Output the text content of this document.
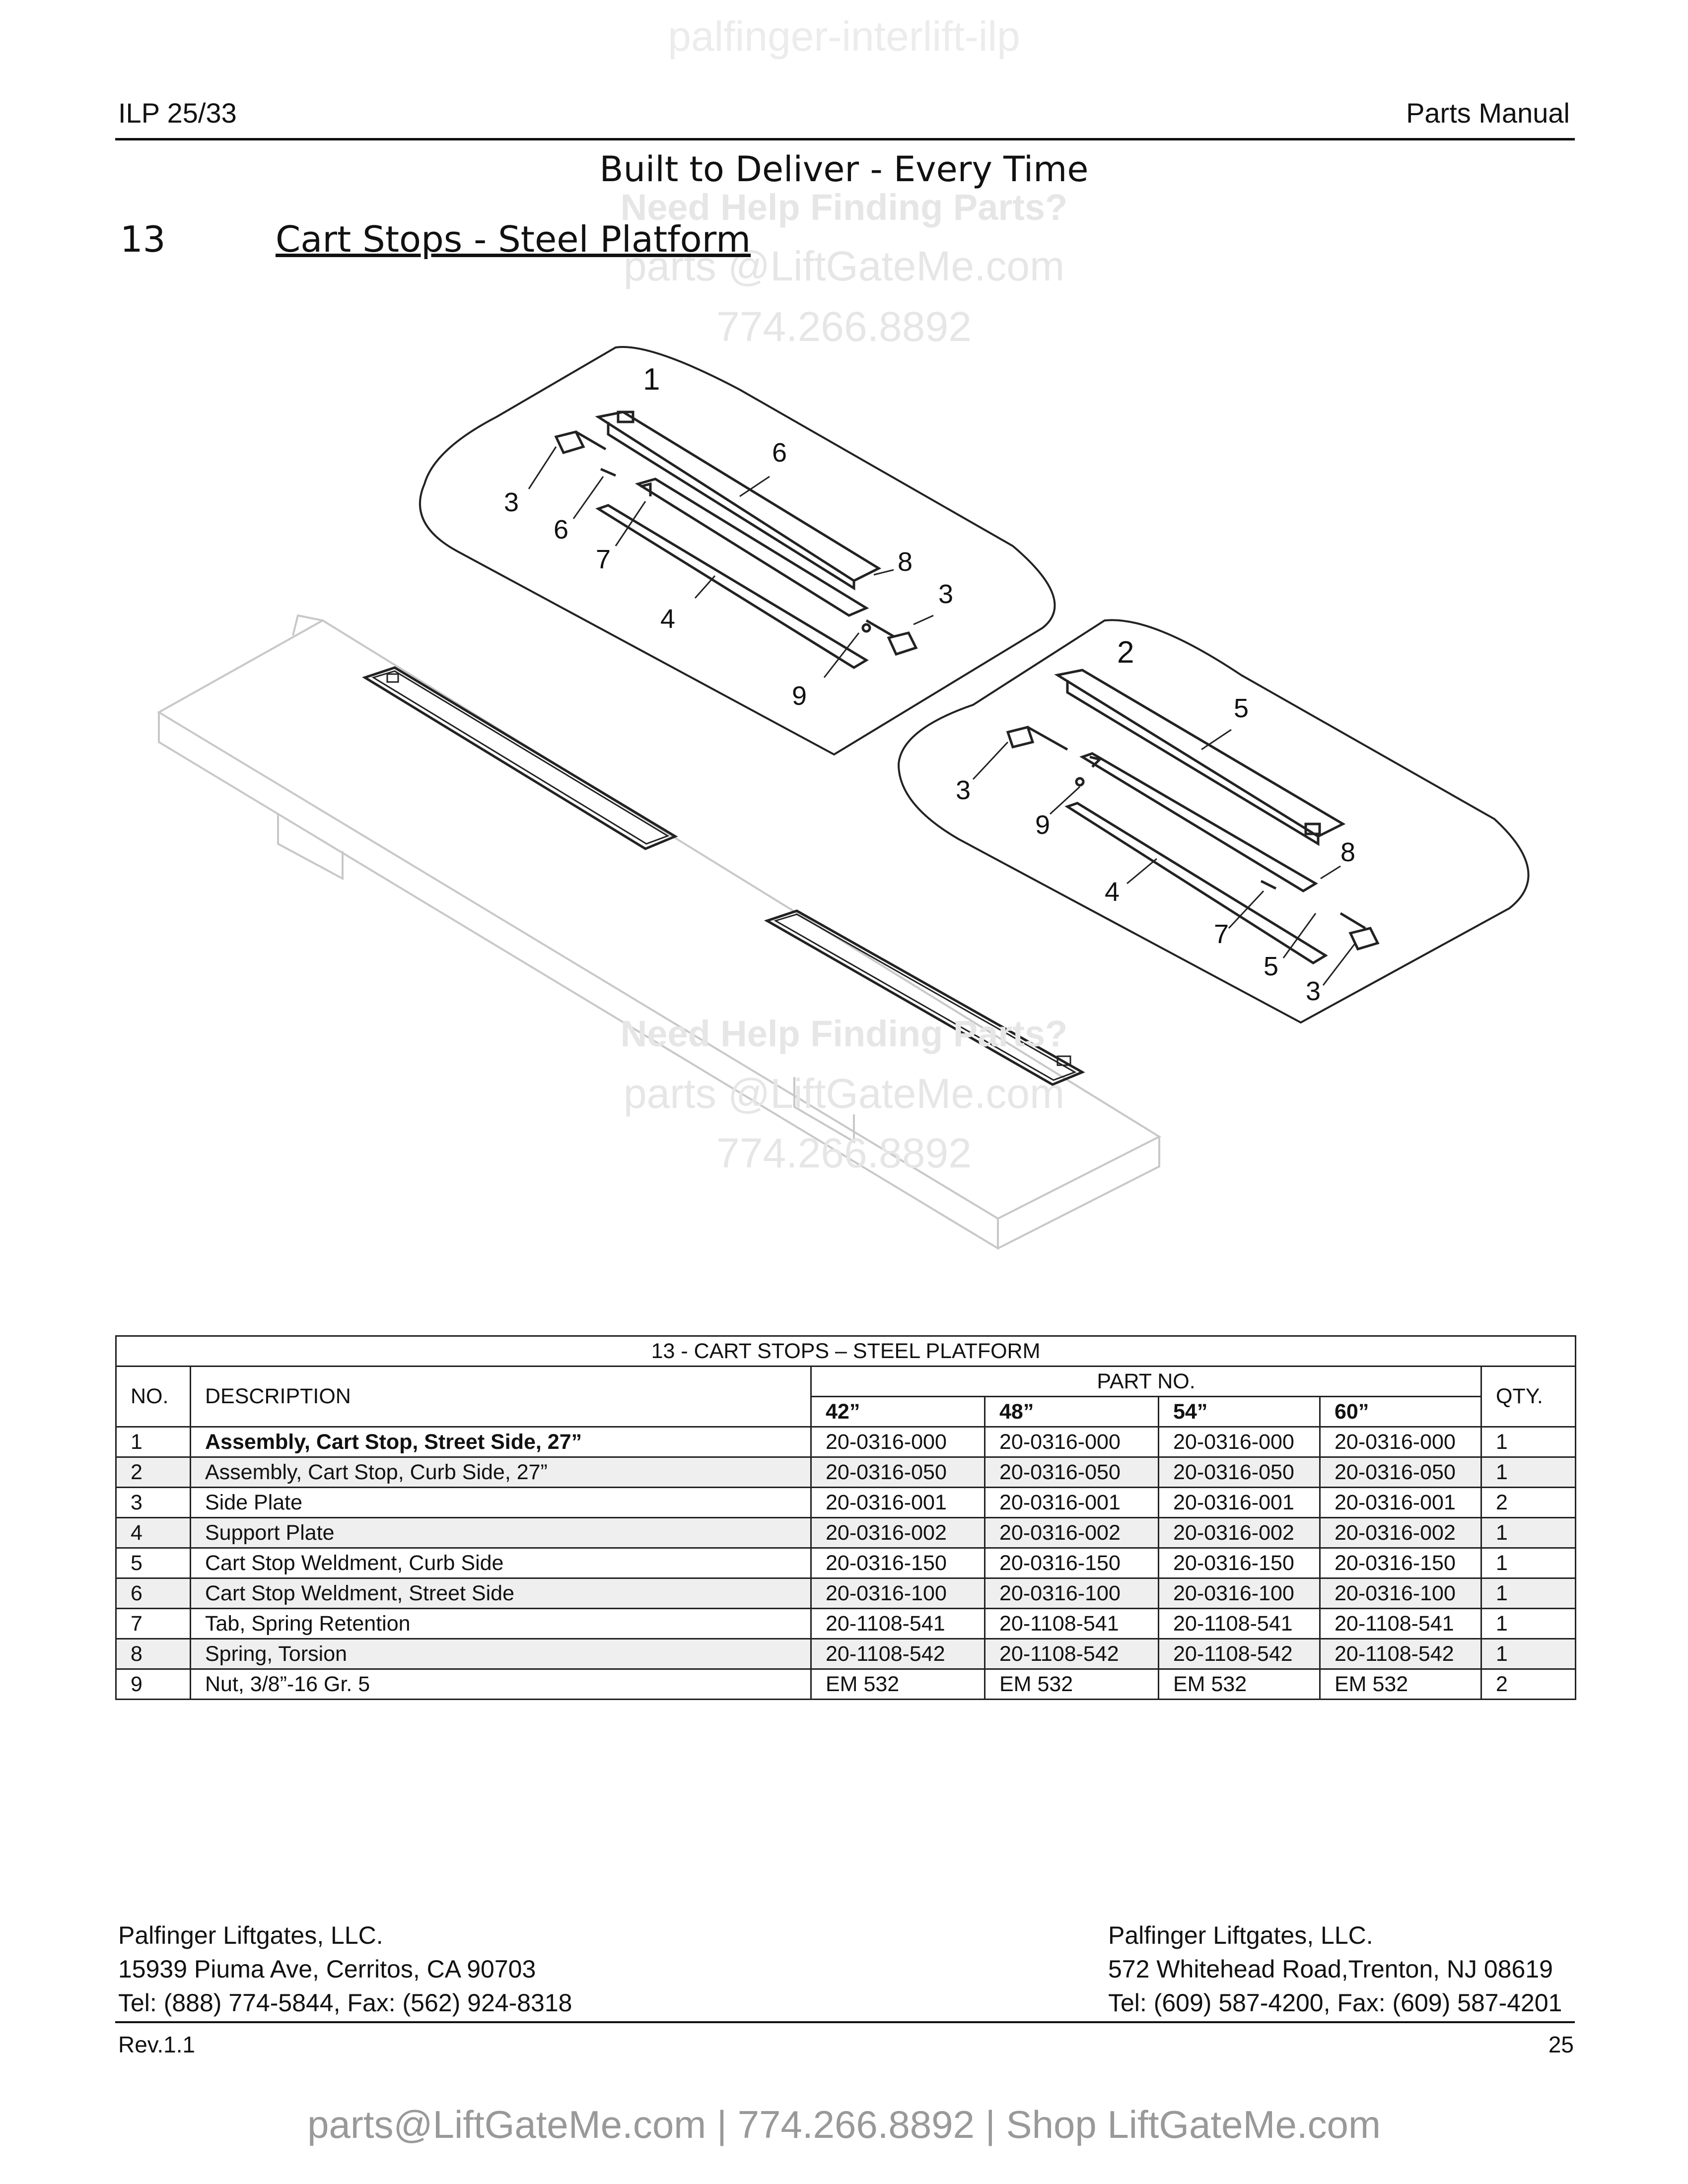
palfinger-interlift-ilp
ILP 25/33	Parts Manual
Built to Deliver - Every Time
Need Help Finding Parts?
parts @LiftGateMe.com
774.266.8892
13	Cart Stops - Steel Platform
1
6
3
6
7	8
3
4
9
2
5
3
9
8
4
7
5
3
Need Help Finding Parts?
parts @LiftGateMe.com
774.266.8892
13 - CART STOPS – STEEL PLATFORM						
NO.	DESCRIPTION	PART NO.				QTY.
		42”	48”	54”	60”	
1	Assembly, Cart Stop, Street Side, 27”	20-0316-000	20-0316-000	20-0316-000	20-0316-000	1
2	Assembly, Cart Stop, Curb Side, 27”	20-0316-050	20-0316-050	20-0316-050	20-0316-050	1
3	Side Plate	20-0316-001	20-0316-001	20-0316-001	20-0316-001	2
4	Support Plate	20-0316-002	20-0316-002	20-0316-002	20-0316-002	1
5	Cart Stop Weldment, Curb Side	20-0316-150	20-0316-150	20-0316-150	20-0316-150	1
6	Cart Stop Weldment, Street Side	20-0316-100	20-0316-100	20-0316-100	20-0316-100	1
7	Tab, Spring Retention	20-1108-541	20-1108-541	20-1108-541	20-1108-541	1
8	Spring, Torsion	20-1108-542	20-1108-542	20-1108-542	20-1108-542	1
9	Nut, 3/8”-16 Gr. 5	EM 532	EM 532	EM 532	EM 532	2
Palfinger Liftgates, LLC.
15939 Piuma Ave, Cerritos, CA 90703
Tel: (888) 774-5844, Fax: (562) 924-8318
Palfinger Liftgates, LLC.
572 Whitehead Road,Trenton, NJ 08619
Tel: (609) 587-4200, Fax: (609) 587-4201
Rev.1.1	25
parts@LiftGateMe.com | 774.266.8892 | Shop LiftGateMe.com
